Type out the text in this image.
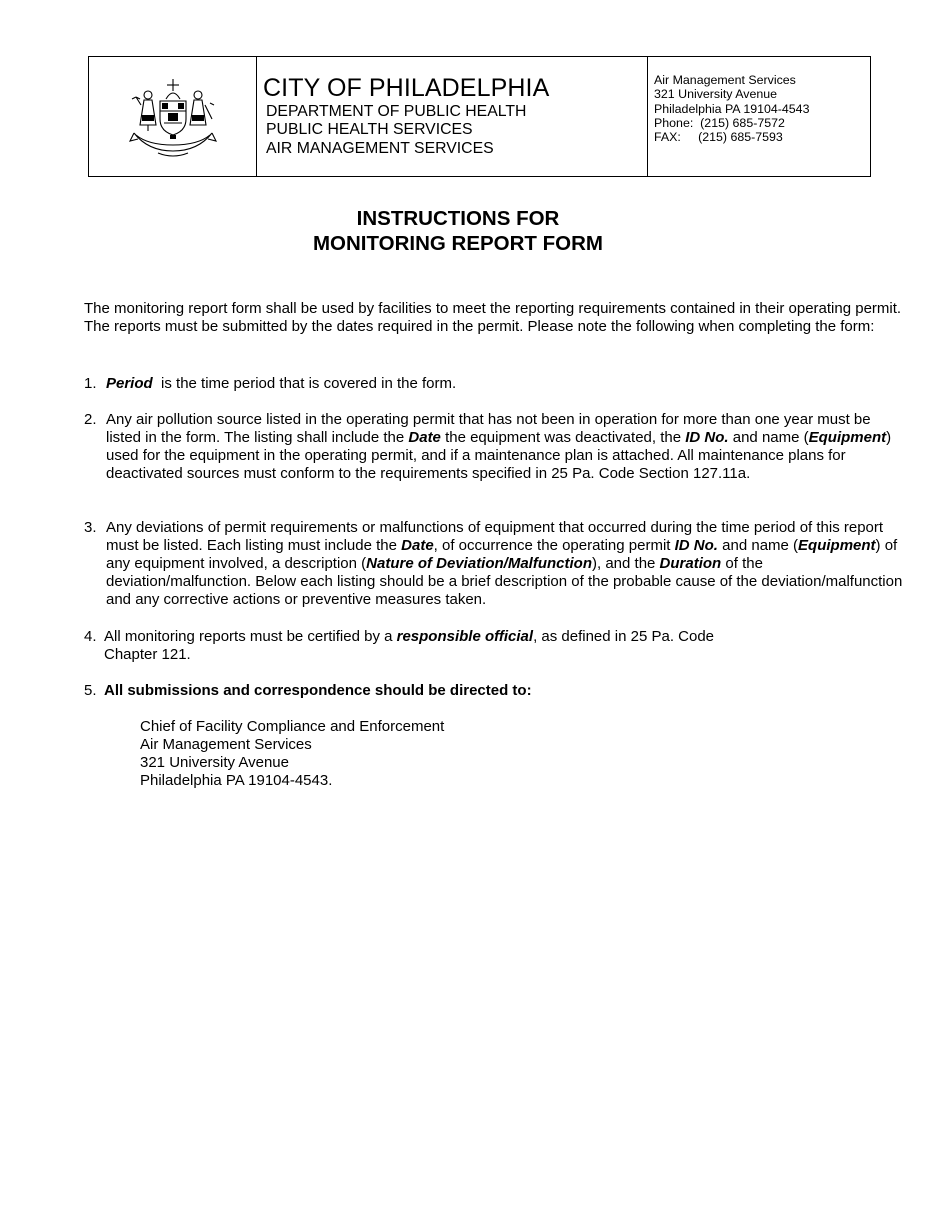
CITY OF PHILADELPHIA
DEPARTMENT OF PUBLIC HEALTH
PUBLIC HEALTH SERVICES
AIR MANAGEMENT SERVICES
Air Management Services
321 University Avenue
Philadelphia PA 19104-4543
Phone: (215) 685-7572
FAX: (215) 685-7593
INSTRUCTIONS FOR
MONITORING REPORT FORM
The monitoring report form shall be used by facilities to meet the reporting requirements contained in their operating permit. The reports must be submitted by the dates required in the permit. Please note the following when completing the form:
1. Period  is the time period that is covered in the form.
2. Any air pollution source listed in the operating permit that has not been in operation for more than one year must be listed in the form. The listing shall include the Date the equipment was deactivated, the ID No. and name (Equipment) used for the equipment in the operating permit, and if a maintenance plan is attached. All maintenance plans for deactivated sources must conform to the requirements specified in 25 Pa. Code Section 127.11a.
3. Any deviations of permit requirements or malfunctions of equipment that occurred during the time period of this report must be listed. Each listing must include the Date, of occurrence the operating permit ID No. and name (Equipment) of any equipment involved, a description (Nature of Deviation/Malfunction), and the Duration of the deviation/malfunction. Below each listing should be a brief description of the probable cause of the deviation/malfunction and any corrective actions or preventive measures taken.
4. All monitoring reports must be certified by a responsible official, as defined in 25 Pa. Code
Chapter 121.
5. All submissions and correspondence should be directed to:
Chief of Facility Compliance and Enforcement
Air Management Services
321 University Avenue
Philadelphia PA 19104-4543.
